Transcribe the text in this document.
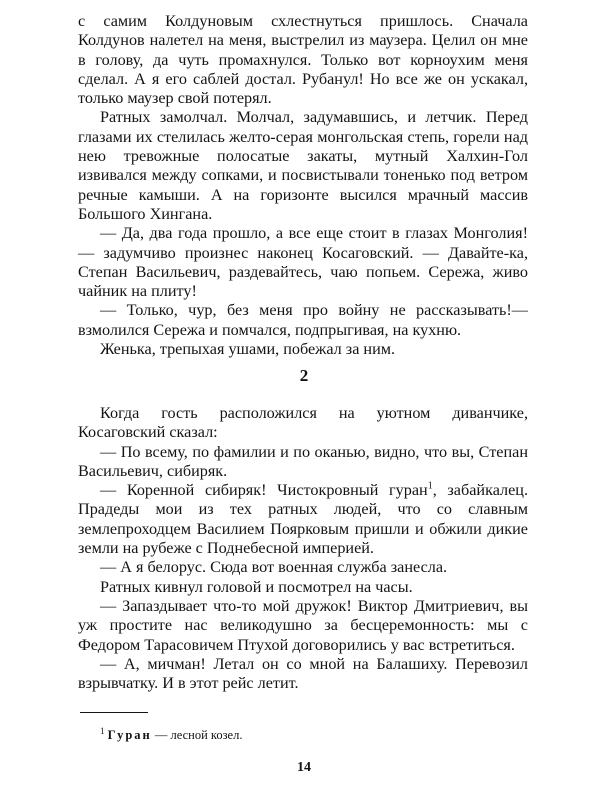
с самим Колдуновым схлестнуться пришлось. Сначала Колдунов налетел на меня, выстрелил из маузера. Целил он мне в голову, да чуть промахнулся. Только вот корноухим меня сделал. А я его саблей достал. Рубанул! Но все же он ускакал, только маузер свой потерял.

Ратных замолчал. Молчал, задумавшись, и летчик. Перед глазами их стелилась желто-серая монгольская степь, горели над нею тревожные полосатые закаты, мутный Халхин-Гол извивался между сопками, и посвистывали тоненько под ветром речные камыши. А на горизонте высился мрачный массив Большого Хингана.

— Да, два года прошло, а все еще стоит в глазах Монголия! — задумчиво произнес наконец Косаговский. — Давайте-ка, Степан Васильевич, раздевайтесь, чаю попьем. Сережа, живо чайник на плиту!

— Только, чур, без меня про войну не рассказывать!— взмолился Сережа и помчался, подпрыгивая, на кухню.

Женька, трепыхая ушами, побежал за ним.

2

Когда гость расположился на уютном диванчике, Косаговский сказал:

— По всему, по фамилии и по оканью, видно, что вы, Степан Васильевич, сибиряк.

— Коренной сибиряк! Чистокровный гуран$^1$, забайкалец. Прадеды мои из тех ратных людей, что со славным землепроходцем Василием Поярковым пришли и обжили дикие земли на рубеже с Поднебесной империей.

— А я белорус. Сюда вот военная служба занесла.

Ратных кивнул головой и посмотрел на часы.

— Запаздывает что-то мой дружок! Виктор Дмитриевич, вы уж простите нас великодушно за бесцеремонность: мы с Федором Тарасовичем Птухой договорились у вас встретиться.

— А, мичман! Летал он со мной на Балашиху. Перевозил взрывчатку. И в этот рейс летит.

$^1$ Гуран — лесной козел.
14
